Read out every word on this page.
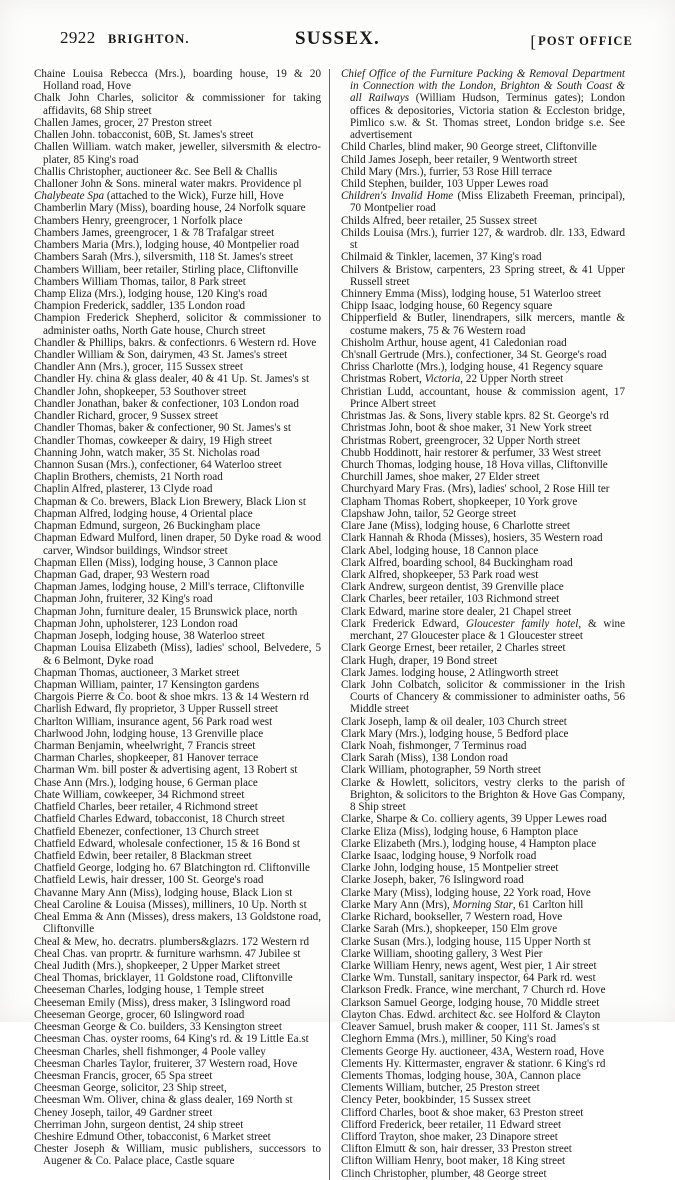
2922 BRIGHTON.	SUSSEX.	[POST OFFICE

Chaine Louisa Rebecca (Mrs.), boarding house, 19 & 20 Holland road, Hove

Chalk John Charles, solicitor & commissioner for taking affidavits, 68 Ship street

Challen James, grocer, 27 Preston street

Challen John. tobacconist, 60B, St. James's street

Challen William. watch maker, jeweller, silversmith & electro-plater, 85 King's road

Challis Christopher, auctioneer &c. See Bell & Challis

Challoner John & Sons. mineral water makrs. Providence pl

Chalybeate Spa (attached to the Wick), Furze hill, Hove

Chamberlin Mary (Miss), boarding house, 24 Norfolk square

Chambers Henry, greengrocer, 1 Norfolk place

Chambers James, greengrocer, 1 & 78 Trafalgar street

Chambers Maria (Mrs.), lodging house, 40 Montpelier road

Chambers Sarah (Mrs.), silversmith, 118 St. James's street

Chambers William, beer retailer, Stirling place, Cliftonville

Chambers William Thomas, tailor, 8 Park street

Champ Eliza (Mrs.), lodging house, 120 King's road

Champion Frederick, saddler, 135 London road

Champion Frederick Shepherd, solicitor & commissioner to administer oaths, North Gate house, Church street

Chandler & Phillips, bakrs. & confectionrs. 6 Western rd. Hove

Chandler William & Son, dairymen, 43 St. James's street

Chandler Ann (Mrs.), grocer, 115 Sussex street

Chandler Hy. china & glass dealer, 40 & 41 Up. St. James's st

Chandler John, shopkeeper, 53 Southover street

Chandler Jonathan, baker & confectioner, 103 London road

Chandler Richard, grocer, 9 Sussex street

Chandler Thomas, baker & confectioner, 90 St. James's st

Chandler Thomas, cowkeeper & dairy, 19 High street

Channing John, watch maker, 35 St. Nicholas road

Channon Susan (Mrs.), confectioner, 64 Waterloo street

Chaplin Brothers, chemists, 21 North road

Chaplin Alfred, plasterer, 13 Clyde road

Chapman & Co. brewers, Black Lion Brewery, Black Lion st

Chapman Alfred, lodging house, 4 Oriental place

Chapman Edmund, surgeon, 26 Buckingham place

Chapman Edward Mulford, linen draper, 50 Dyke road & wood carver, Windsor buildings, Windsor street

Chapman Ellen (Miss), lodging house, 3 Cannon place

Chapman Gad, draper, 93 Western road

Chapman James, lodging house, 2 Mill's terrace, Cliftonville

Chapman John, fruiterer, 32 King's road

Chapman John, furniture dealer, 15 Brunswick place, north

Chapman John, upholsterer, 123 London road

Chapman Joseph, lodging house, 38 Waterloo street

Chapman Louisa Elizabeth (Miss), ladies' school, Belvedere, 5 & 6 Belmont, Dyke road

Chapman Thomas, auctioneer, 3 Market street

Chapman William, painter, 17 Kensington gardens

Chargois Pierre & Co. boot & shoe mkrs. 13 & 14 Western rd

Charlish Edward, fly proprietor, 3 Upper Russell street

Charlton William, insurance agent, 56 Park road west

Charlwood John, lodging house, 13 Grenville place

Charman Benjamin, wheelwright, 7 Francis street

Charman Charles, shopkeeper, 81 Hanover terrace

Charman Wm. bill poster & advertising agent, 13 Robert st

Chase Ann (Mrs.), lodging house, 6 German place

Chate William, cowkeeper, 34 Richmond street

Chatfield Charles, beer retailer, 4 Richmond street

Chatfield Charles Edward, tobacconist, 18 Church street

Chatfield Ebenezer, confectioner, 13 Church street

Chatfield Edward, wholesale confectioner, 15 & 16 Bond st

Chatfield Edwin, beer retailer, 8 Blackman street

Chatfield George, lodging ho. 67 Blatchington rd. Cliftonville

Chatfield Lewis, hair dresser, 100 St. George's road

Chavanne Mary Ann (Miss), lodging house, Black Lion st

Cheal Caroline & Louisa (Misses), milliners, 10 Up. North st

Cheal Emma & Ann (Misses), dress makers, 13 Goldstone road, Cliftonville

Cheal & Mew, ho. decratrs. plumbers&glazrs. 172 Western rd

Cheal Chas. van proprtr. & furniture warhsmn. 47 Jubilee st

Cheal Judith (Mrs.), shopkeeper, 2 Upper Market street

Cheal Thomas, bricklayer, 11 Goldstone road, Cliftonville

Cheeseman Charles, lodging house, 1 Temple street

Cheeseman Emily (Miss), dress maker, 3 Islingword road

Cheeseman George, grocer, 60 Islingword road

Cheesman George & Co. builders, 33 Kensington street

Cheesman Chas. oyster rooms, 64 King's rd. & 19 Little Ea.st

Cheesman Charles, shell fishmonger, 4 Poole valley

Cheesman Charles Taylor, fruiterer, 37 Western road, Hove

Cheesman Francis, grocer, 65 Spa street

Cheesman George, solicitor, 23 Ship street,

Cheesman Wm. Oliver, china & glass dealer, 169 North st

Cheney Joseph, tailor, 49 Gardner street

Cherriman John, surgeon dentist, 24 ship street

Cheshire Edmund Other, tobacconist, 6 Market street

Chester Joseph & William, music publishers, successors to Augener & Co. Palace place, Castle square

Chief Office of the Furniture Packing & Removal Department in Connection with the London, Brighton & South Coast & all Railways (William Hudson, Terminus gates); London offices & depositories, Victoria station & Eccleston bridge, Pimlico s.w. & St. Thomas street, London bridge s.e. See advertisement

Child Charles, blind maker, 90 George street, Cliftonville

Child James Joseph, beer retailer, 9 Wentworth street

Child Mary (Mrs.), furrier, 53 Rose Hill terrace

Child Stephen, builder, 103 Upper Lewes road

Children's Invalid Home (Miss Elizabeth Freeman, principal), 70 Montpelier road

Childs Alfred, beer retailer, 25 Sussex street

Childs Louisa (Mrs.), furrier 127, & wardrob. dlr. 133, Edward st

Chilmaid & Tinkler, lacemen, 37 King's road

Chilvers & Bristow, carpenters, 23 Spring street, & 41 Upper Russell street

Chinnery Emma (Miss), lodging house, 51 Waterloo street

Chipp Isaac, lodging house, 60 Regency square

Chipperfield & Butler, linendrapers, silk mercers, mantle & costume makers, 75 & 76 Western road

Chisholm Arthur, house agent, 41 Caledonian road

Ch'snall Gertrude (Mrs.), confectioner, 34 St. George's road

Chriss Charlotte (Mrs.), lodging house, 41 Regency square

Christmas Robert, Victoria, 22 Upper North street

Christian Ludd, accountant, house & commission agent, 17 Prince Albert street

Christmas Jas. & Sons, livery stable kprs. 82 St. George's rd

Christmas John, boot & shoe maker, 31 New York street

Christmas Robert, greengrocer, 32 Upper North street

Chubb Hoddinott, hair restorer & perfumer, 33 West street

Church Thomas, lodging house, 18 Hova villas, Cliftonville

Churchill James, shoe maker, 27 Elder street

Churchyard Mary Fras. (Mrs), ladies' school, 2 Rose Hill ter

Clapham Thomas Robert, shopkeeper, 10 York grove

Clapshaw John, tailor, 52 George street

Clare Jane (Miss), lodging house, 6 Charlotte street

Clark Hannah & Rhoda (Misses), hosiers, 35 Western road

Clark Abel, lodging house, 18 Cannon place

Clark Alfred, boarding school, 84 Buckingham road

Clark Alfred, shopkeeper, 53 Park road west

Clark Andrew, surgeon dentist, 39 Grenville place

Clark Charles, beer retailer, 103 Richmond street

Clark Edward, marine store dealer, 21 Chapel street

Clark Frederick Edward, Gloucester family hotel, & wine merchant, 27 Gloucester place & 1 Gloucester street

Clark George Ernest, beer retailer, 2 Charles street

Clark Hugh, draper, 19 Bond street

Clark James. lodging house, 2 Atlingworth street

Clark John Colbatch, solicitor & commissioner in the Irish Courts of Chancery & commissioner to administer oaths, 56 Middle street

Clark Joseph, lamp & oil dealer, 103 Church street

Clark Mary (Mrs.), lodging house, 5 Bedford place

Clark Noah, fishmonger, 7 Terminus road

Clark Sarah (Miss), 138 London road

Clark William, photographer, 59 North street

Clarke & Howlett, solicitors, vestry clerks to the parish of Brighton, & solicitors to the Brighton & Hove Gas Company, 8 Ship street

Clarke, Sharpe & Co. colliery agents, 39 Upper Lewes road

Clarke Eliza (Miss), lodging house, 6 Hampton place

Clarke Elizabeth (Mrs.), lodging house, 4 Hampton place

Clarke Isaac, lodging house, 9 Norfolk road

Clarke John, lodging house, 15 Montpelier street

Clarke Joseph, baker, 76 Islingword road

Clarke Mary (Miss), lodging house, 22 York road, Hove

Clarke Mary Ann (Mrs), Morning Star, 61 Carlton hill

Clarke Richard, bookseller, 7 Western road, Hove

Clarke Sarah (Mrs.), shopkeeper, 150 Elm grove

Clarke Susan (Mrs.), lodging house, 115 Upper North st

Clarke William, shooting gallery, 3 West Pier

Clarke William Henry, news agent, West pier, 1 Air street

Clarke Wm. Tunstall, sanitary inspector, 64 Park rd. west

Clarkson Fredk. France, wine merchant, 7 Church rd. Hove

Clarkson Samuel George, lodging house, 70 Middle street

Clayton Chas. Edwd. architect &c. see Holford & Clayton

Cleaver Samuel, brush maker & cooper, 111 St. James's st

Cleghorn Emma (Mrs.), milliner, 50 King's road

Clements George Hy. auctioneer, 43A, Western road, Hove

Clements Hy. Kittermaster, engraver & stationr. 6 King's rd

Clements Thomas, lodging house, 30A, Cannon place

Clements William, butcher, 25 Preston street

Clency Peter, bookbinder, 15 Sussex street

Clifford Charles, boot & shoe maker, 63 Preston street

Clifford Frederick, beer retailer, 11 Edward street

Clifford Trayton, shoe maker, 23 Dinapore street

Clifton Elmutt & son, hair dresser, 33 Preston street

Clifton William Henry, boot maker, 18 King street

Clinch Christopher, plumber, 48 George street
